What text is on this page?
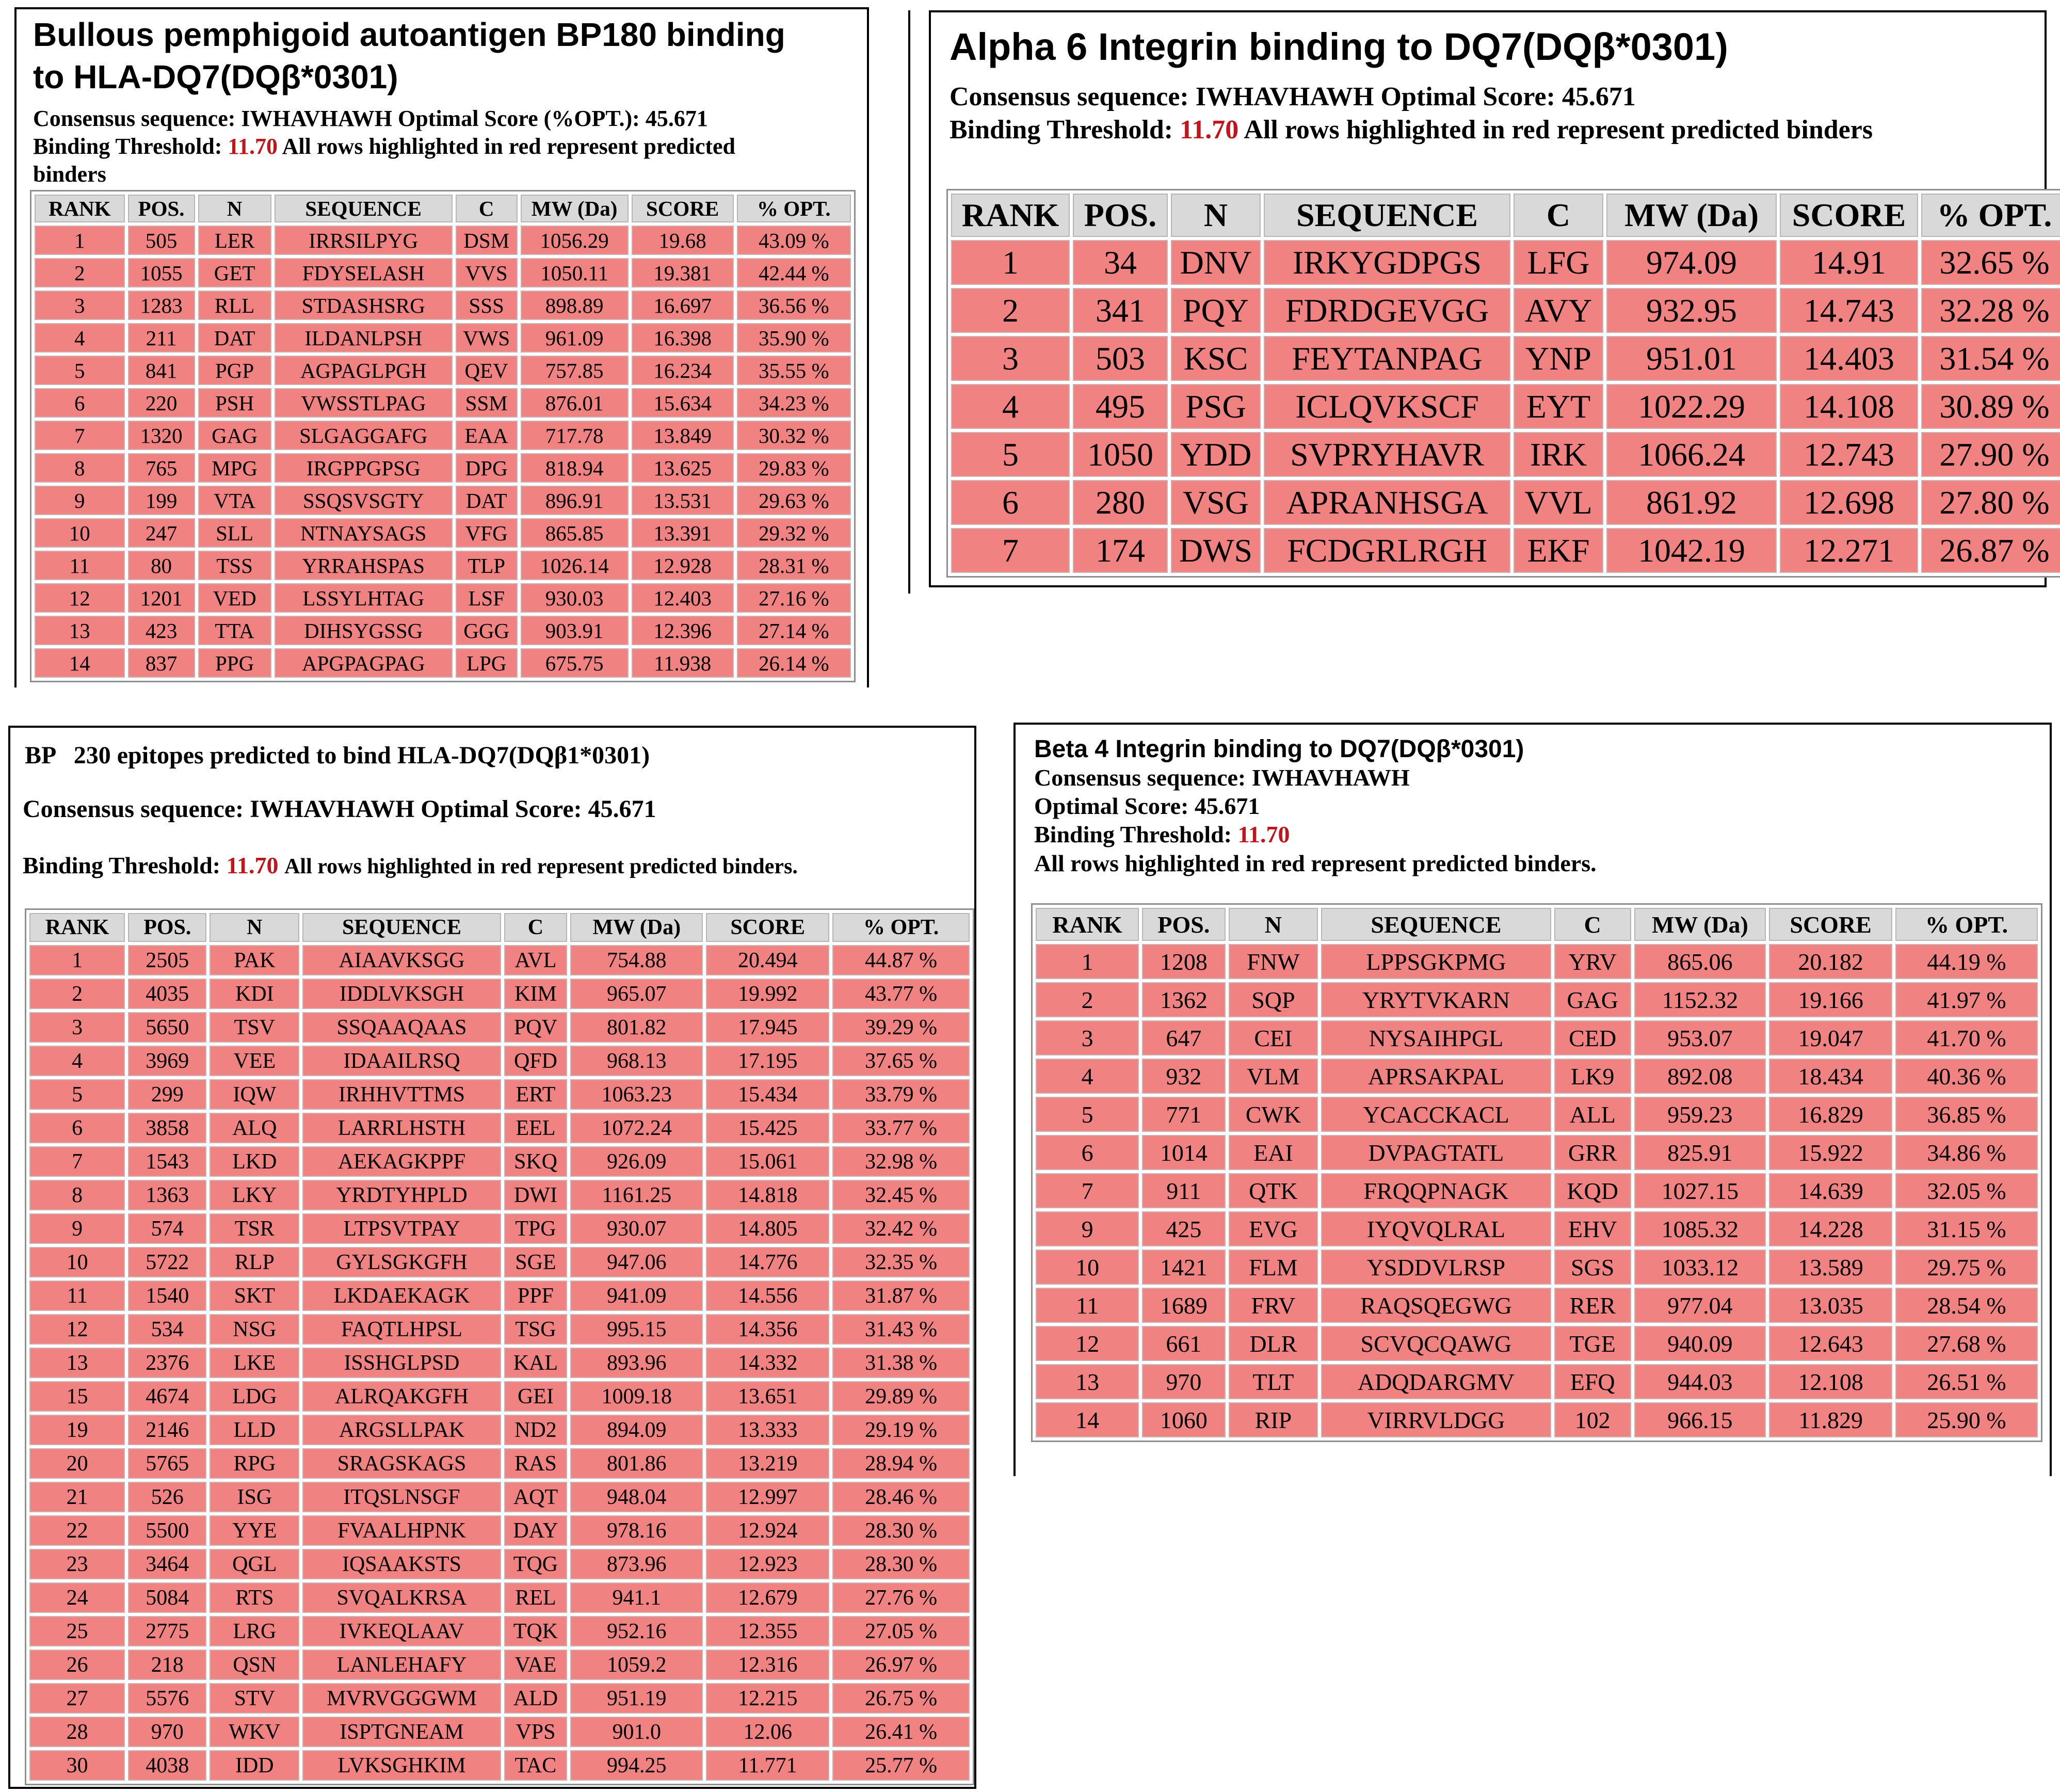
Bullous pemphigoid autoantigen BP180 binding
to HLA-DQ7(DQβ*0301)
Consensus sequence: IWHAVHAWH Optimal Score (%OPT.): 45.671
Binding Threshold: 11.70 All rows highlighted in red represent predicted
binders
RANK	POS.	N	SEQUENCE	C	MW (Da)	SCORE	% OPT.
1	505	LER	IRRSILPYG	DSM	1056.29	19.68	43.09 %
2	1055	GET	FDYSELASH	VVS	1050.11	19.381	42.44 %
3	1283	RLL	STDASHSRG	SSS	898.89	16.697	36.56 %
4	211	DAT	ILDANLPSH	VWS	961.09	16.398	35.90 %
5	841	PGP	AGPAGLPGH	QEV	757.85	16.234	35.55 %
6	220	PSH	VWSSTLPAG	SSM	876.01	15.634	34.23 %
7	1320	GAG	SLGAGGAFG	EAA	717.78	13.849	30.32 %
8	765	MPG	IRGPPGPSG	DPG	818.94	13.625	29.83 %
9	199	VTA	SSQSVSGTY	DAT	896.91	13.531	29.63 %
10	247	SLL	NTNAYSAGS	VFG	865.85	13.391	29.32 %
11	80	TSS	YRRAHSPAS	TLP	1026.14	12.928	28.31 %
12	1201	VED	LSSYLHTAG	LSF	930.03	12.403	27.16 %
13	423	TTA	DIHSYGSSG	GGG	903.91	12.396	27.14 %
14	837	PPG	APGPAGPAG	LPG	675.75	11.938	26.14 %
Alpha 6 Integrin binding to DQ7(DQβ*0301)
Consensus sequence: IWHAVHAWH Optimal Score: 45.671
Binding Threshold: 11.70 All rows highlighted in red represent predicted binders
RANK	POS.	N	SEQUENCE	C	MW (Da)	SCORE	% OPT.
1	34	DNV	IRKYGDPGS	LFG	974.09	14.91	32.65 %
2	341	PQY	FDRDGEVGG	AVY	932.95	14.743	32.28 %
3	503	KSC	FEYTANPAG	YNP	951.01	14.403	31.54 %
4	495	PSG	ICLQVKSCF	EYT	1022.29	14.108	30.89 %
5	1050	YDD	SVPRYHAVR	IRK	1066.24	12.743	27.90 %
6	280	VSG	APRANHSGA	VVL	861.92	12.698	27.80 %
7	174	DWS	FCDGRLRGH	EKF	1042.19	12.271	26.87 %
BP   230 epitopes predicted to bind HLA-DQ7(DQβ1*0301)
Consensus sequence: IWHAVHAWH Optimal Score: 45.671
Binding Threshold: 11.70 All rows highlighted in red represent predicted binders.
RANK	POS.	N	SEQUENCE	C	MW (Da)	SCORE	% OPT.
1	2505	PAK	AIAAVKSGG	AVL	754.88	20.494	44.87 %
2	4035	KDI	IDDLVKSGH	KIM	965.07	19.992	43.77 %
3	5650	TSV	SSQAAQAAS	PQV	801.82	17.945	39.29 %
4	3969	VEE	IDAAILRSQ	QFD	968.13	17.195	37.65 %
5	299	IQW	IRHHVTTMS	ERT	1063.23	15.434	33.79 %
6	3858	ALQ	LARRLHSTH	EEL	1072.24	15.425	33.77 %
7	1543	LKD	AEKAGKPPF	SKQ	926.09	15.061	32.98 %
8	1363	LKY	YRDTYHPLD	DWI	1161.25	14.818	32.45 %
9	574	TSR	LTPSVTPAY	TPG	930.07	14.805	32.42 %
10	5722	RLP	GYLSGKGFH	SGE	947.06	14.776	32.35 %
11	1540	SKT	LKDAEKAGK	PPF	941.09	14.556	31.87 %
12	534	NSG	FAQTLHPSL	TSG	995.15	14.356	31.43 %
13	2376	LKE	ISSHGLPSD	KAL	893.96	14.332	31.38 %
15	4674	LDG	ALRQAKGFH	GEI	1009.18	13.651	29.89 %
19	2146	LLD	ARGSLLPAK	ND2	894.09	13.333	29.19 %
20	5765	RPG	SRAGSKAGS	RAS	801.86	13.219	28.94 %
21	526	ISG	ITQSLNSGF	AQT	948.04	12.997	28.46 %
22	5500	YYE	FVAALHPNK	DAY	978.16	12.924	28.30 %
23	3464	QGL	IQSAAKSTS	TQG	873.96	12.923	28.30 %
24	5084	RTS	SVQALKRSA	REL	941.1	12.679	27.76 %
25	2775	LRG	IVKEQLAAV	TQK	952.16	12.355	27.05 %
26	218	QSN	LANLEHAFY	VAE	1059.2	12.316	26.97 %
27	5576	STV	MVRVGGGWM	ALD	951.19	12.215	26.75 %
28	970	WKV	ISPTGNEAM	VPS	901.0	12.06	26.41 %
30	4038	IDD	LVKSGHKIM	TAC	994.25	11.771	25.77 %
Beta 4 Integrin binding to DQ7(DQβ*0301)
Consensus sequence: IWHAVHAWH
Optimal Score: 45.671
Binding Threshold: 11.70
All rows highlighted in red represent predicted binders.
RANK	POS.	N	SEQUENCE	C	MW (Da)	SCORE	% OPT.
1	1208	FNW	LPPSGKPMG	YRV	865.06	20.182	44.19 %
2	1362	SQP	YRYTVKARN	GAG	1152.32	19.166	41.97 %
3	647	CEI	NYSAIHPGL	CED	953.07	19.047	41.70 %
4	932	VLM	APRSAKPAL	LK9	892.08	18.434	40.36 %
5	771	CWK	YCACCKACL	ALL	959.23	16.829	36.85 %
6	1014	EAI	DVPAGTATL	GRR	825.91	15.922	34.86 %
7	911	QTK	FRQQPNAGK	KQD	1027.15	14.639	32.05 %
9	425	EVG	IYQVQLRAL	EHV	1085.32	14.228	31.15 %
10	1421	FLM	YSDDVLRSP	SGS	1033.12	13.589	29.75 %
11	1689	FRV	RAQSQEGWG	RER	977.04	13.035	28.54 %
12	661	DLR	SCVQCQAWG	TGE	940.09	12.643	27.68 %
13	970	TLT	ADQDARGMV	EFQ	944.03	12.108	26.51 %
14	1060	RIP	VIRRVLDGG	102	966.15	11.829	25.90 %
